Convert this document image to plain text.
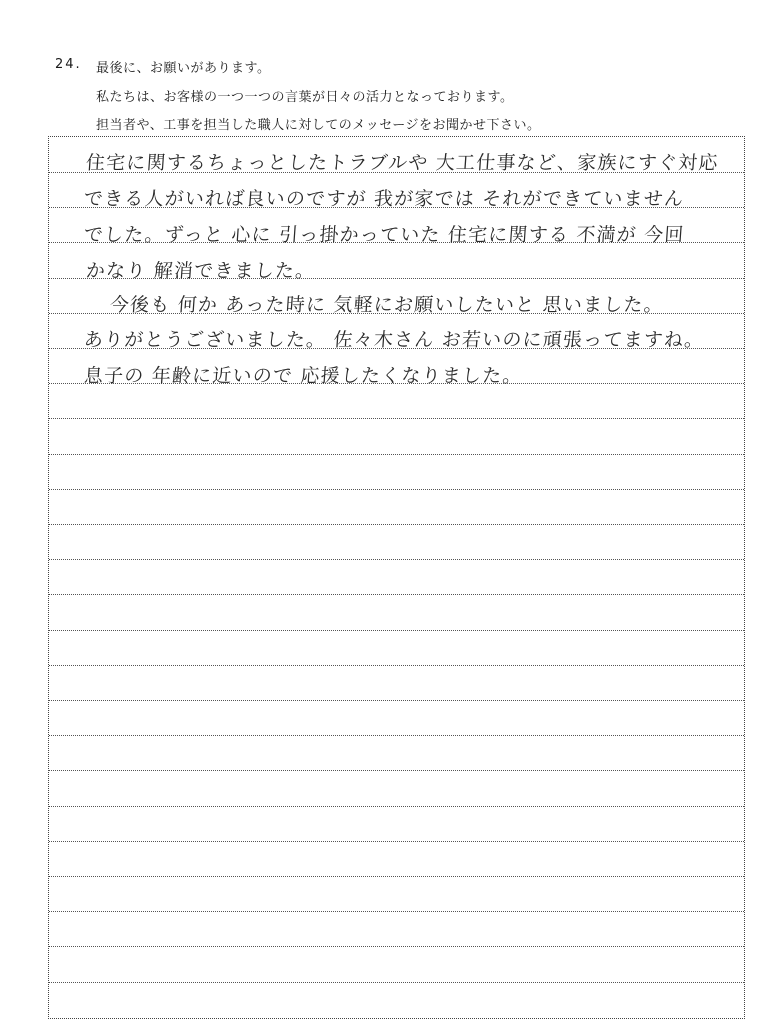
24. 最後に、お願いがあります。
私たちは、お客様の一つ一つの言葉が日々の活力となっております。
担当者や、工事を担当した職人に対してのメッセージをお聞かせ下さい。
住宅に関するちょっとしたトラブルや 大工仕事など、家族にすぐ対応
できる人がいれば良いのですが 我が家では それができていません
でした。ずっと 心に 引っ掛かっていた 住宅に関する 不満が 今回
かなり 解消できました。
今後も 何か あった時に 気軽にお願いしたいと 思いました。
ありがとうございました。 佐々木さん お若いのに頑張ってますね。
息子の 年齢に近いので 応援したくなりました。
